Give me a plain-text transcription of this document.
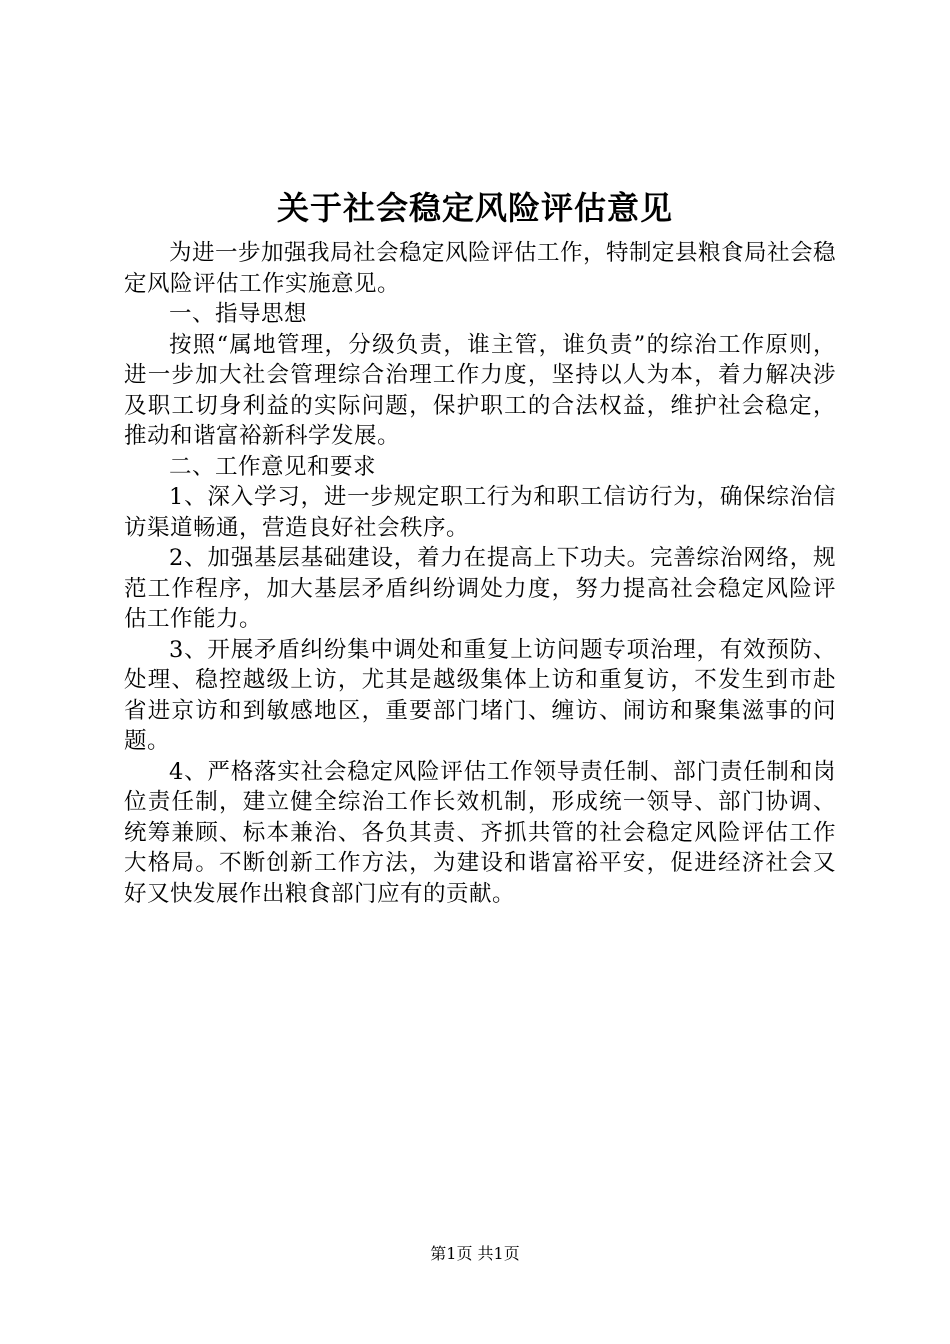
关于社会稳定风险评估意见

为进一步加强我局社会稳定风险评估工作，特制定县粮食局社会稳定风险评估工作实施意见。

一、指导思想

按照“属地管理，分级负责，谁主管，谁负责”的综治工作原则，进一步加大社会管理综合治理工作力度，坚持以人为本，着力解决涉及职工切身利益的实际问题，保护职工的合法权益，维护社会稳定，推动和谐富裕新科学发展。

二、工作意见和要求

1、深入学习，进一步规定职工行为和职工信访行为，确保综治信访渠道畅通，营造良好社会秩序。

2、加强基层基础建设，着力在提高上下功夫。完善综治网络，规范工作程序，加大基层矛盾纠纷调处力度，努力提高社会稳定风险评估工作能力。

3、开展矛盾纠纷集中调处和重复上访问题专项治理，有效预防、处理、稳控越级上访，尤其是越级集体上访和重复访，不发生到市赴省进京访和到敏感地区，重要部门堵门、缠访、闹访和聚集滋事的问题。

4、严格落实社会稳定风险评估工作领导责任制、部门责任制和岗位责任制，建立健全综治工作长效机制，形成统一领导、部门协调、统筹兼顾、标本兼治、各负其责、齐抓共管的社会稳定风险评估工作大格局。不断创新工作方法，为建设和谐富裕平安，促进经济社会又好又快发展作出粮食部门应有的贡献。

第1页 共1页
